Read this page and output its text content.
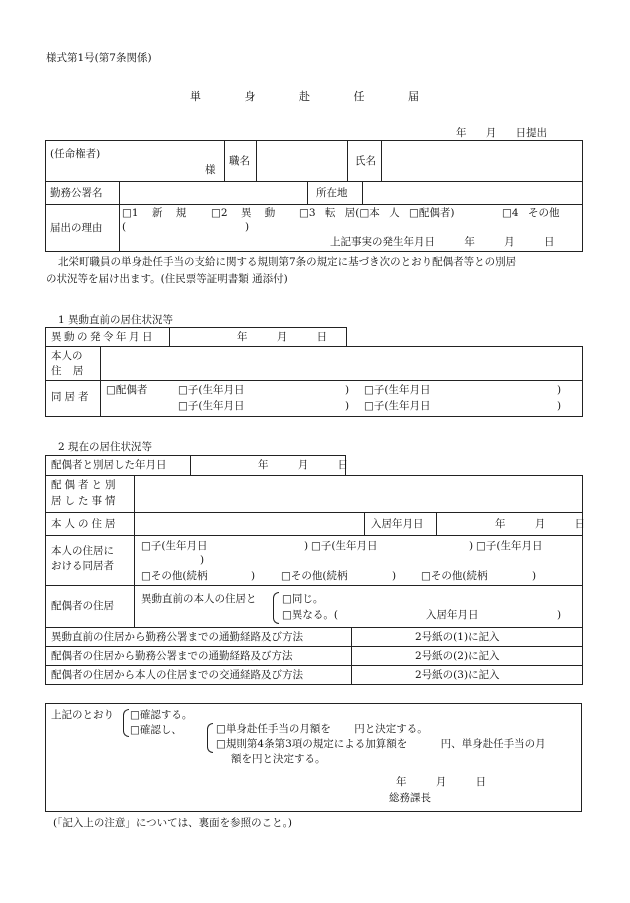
様式第1号(第7条関係)
単 身 赴 任 届
年 月 日提出
(任命権者)
様
職名	氏名
勤務公署名	所在地
届出の理由
□1 新 規 □2 異 動 □3 転 居(□本 人 □配偶者)	□4 その他
(	)
上記事実の発生年月日 年 月 日
北栄町職員の単身赴任手当の支給に関する規則第7条の規定に基づき次のとおり配偶者等との別居
の状況等を届け出ます。(住民票等証明書類 通添付)
1 異動直前の居住状況等
異動の発令年月日	年 月 日
本人の
住 居
同居者
□配偶者	□子(生年月日	) □子(生年月日	)
□子(生年月日	) □子(生年月日	)
2 現在の居住状況等
配偶者と別居した年月日	年 月 日
配偶者と別
居した事情
本人の住居	入居年月日	年 月 日
本人の住居に
おける同居者
□子(生年月日	) □子(生年月日	) □子(生年月日
)
□その他(続柄	) □その他(続柄	) □その他(続柄	)
配偶者の住居
異動直前の本人の住居と □同じ。
□異なる。(	入居年月日	)
異動直前の住居から勤務公署までの通勤経路及び方法	2号紙の(1)に記入
配偶者の住居から勤務公署までの通勤経路及び方法	2号紙の(2)に記入
配偶者の住居から本人の住居までの交通経路及び方法	2号紙の(3)に記入
上記のとおり □確認する。
□確認し、	□単身赴任手当の月額を 円と決定する。
□規則第4条第3項の規定による加算額を 円、単身赴任手当の月
額を円と決定する。
年 月 日
総務課長
(「記入上の注意」については、裏面を参照のこと。)
